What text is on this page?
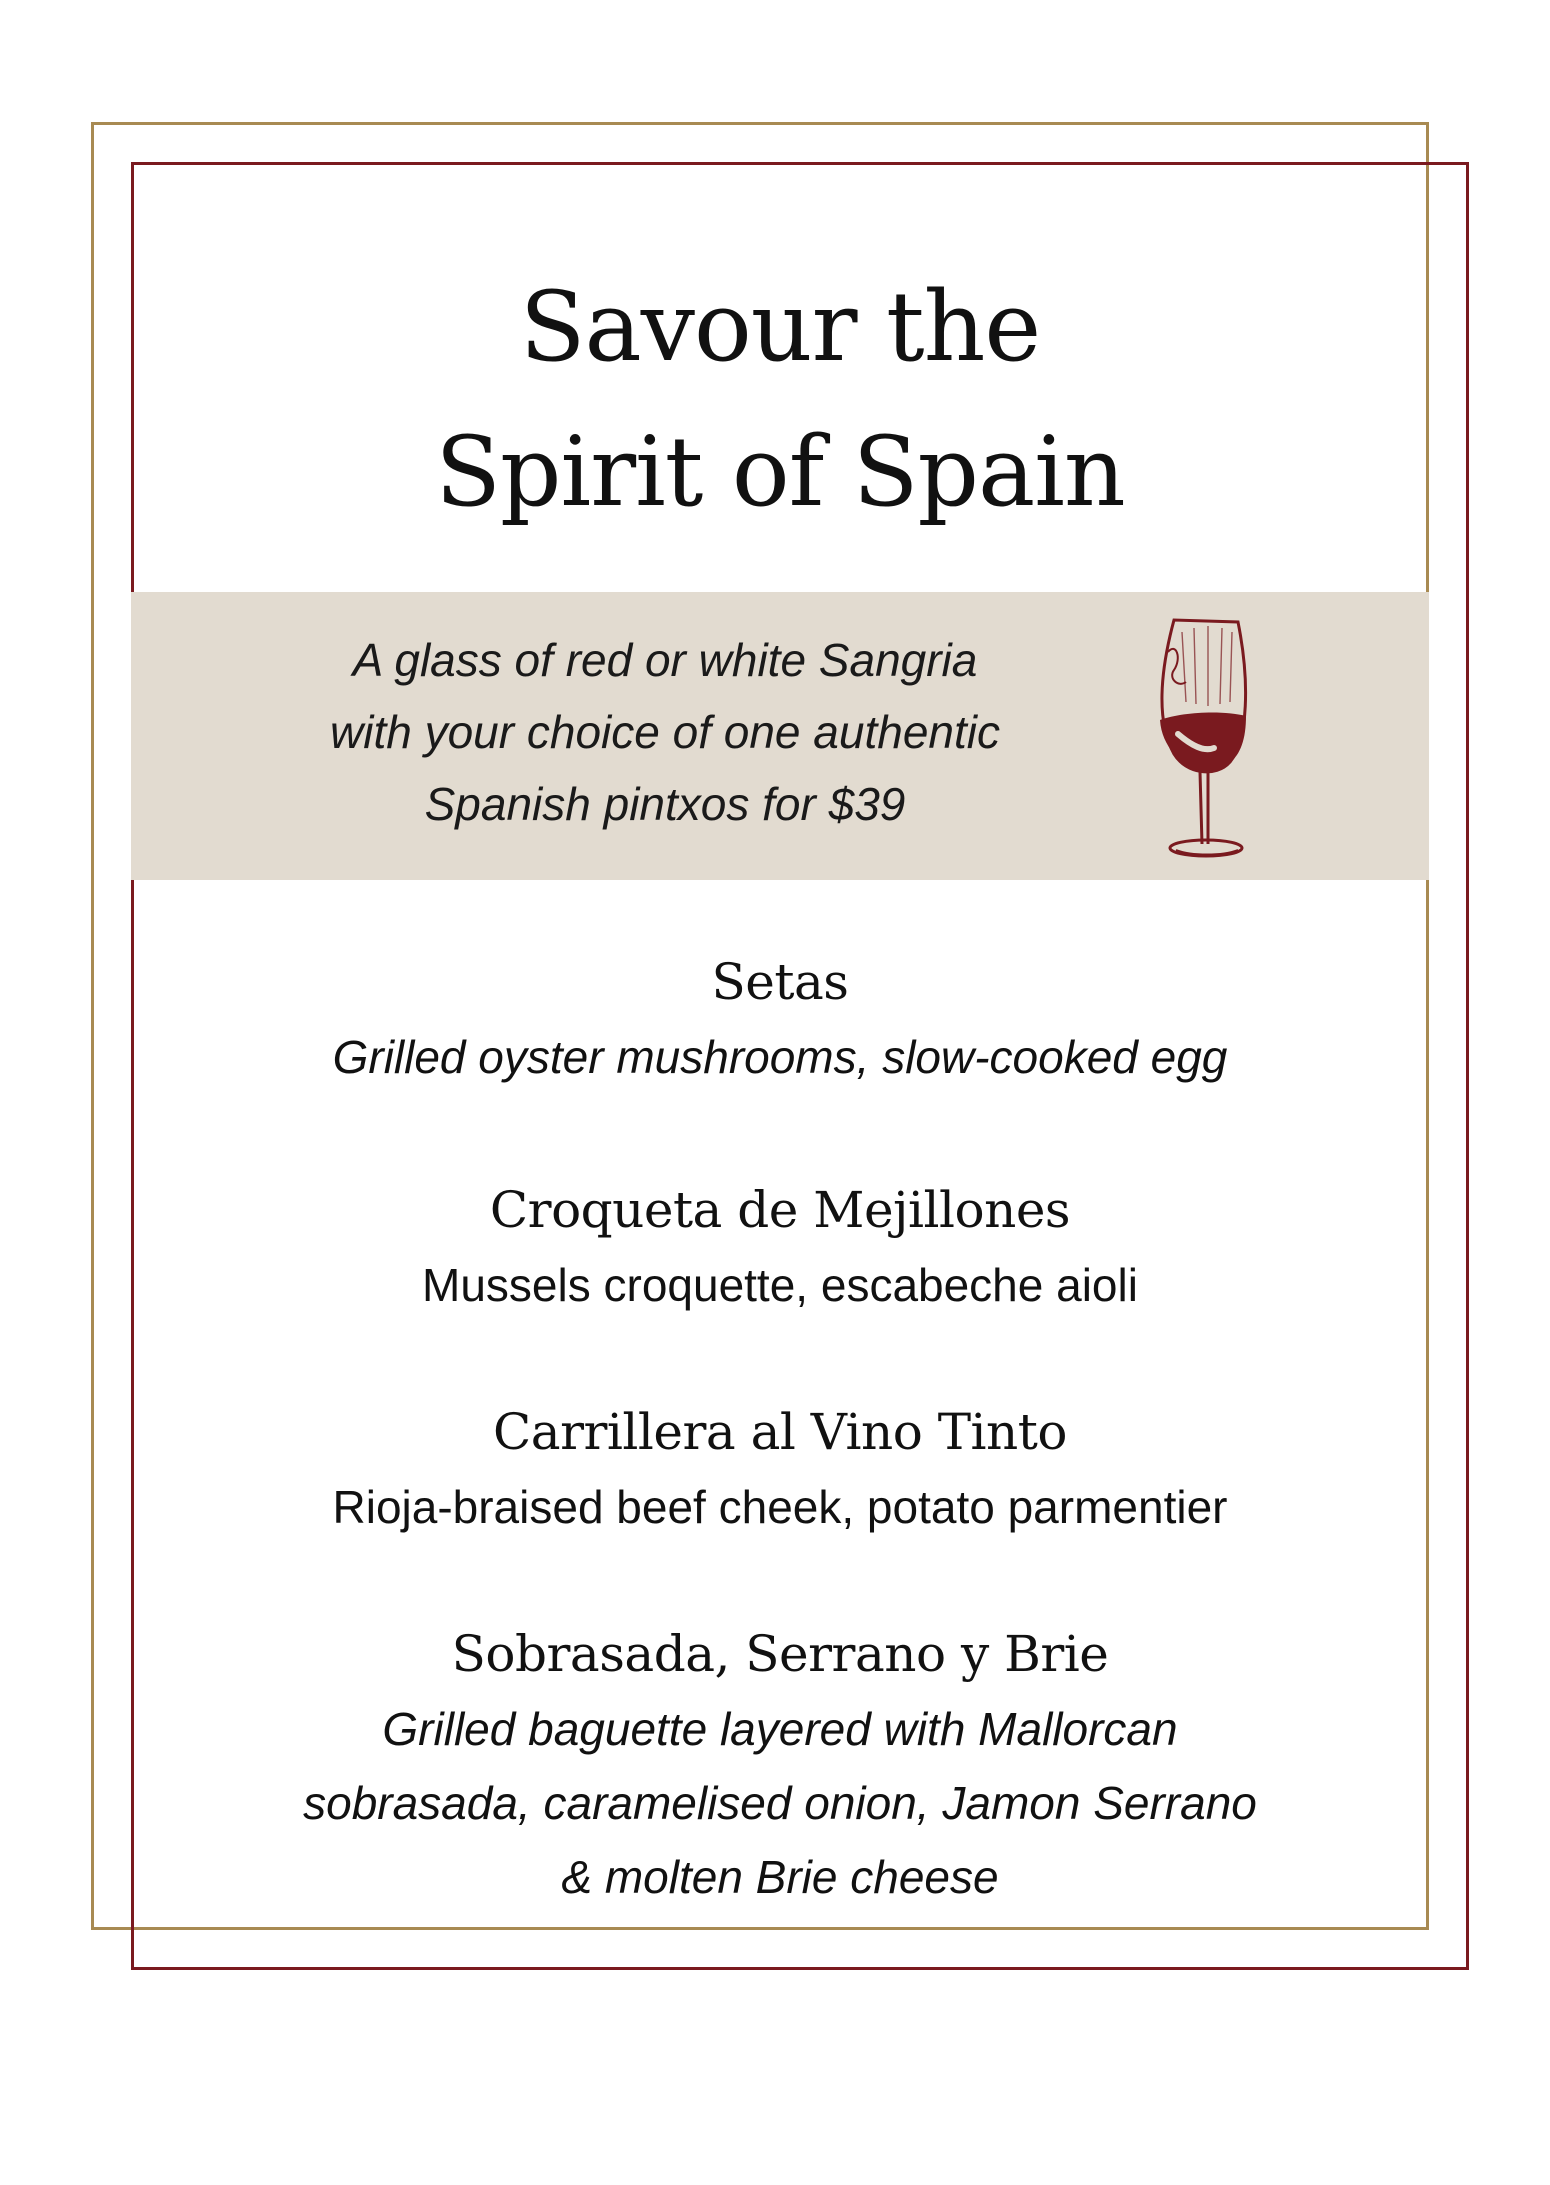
Savour the
Spirit of Spain
A glass of red or white Sangria
with your choice of one authentic
Spanish pintxos for $39
Setas
Grilled oyster mushrooms, slow-cooked egg
Croqueta de Mejillones
Mussels croquette, escabeche aioli
Carrillera al Vino Tinto
Rioja-braised beef cheek, potato parmentier
Sobrasada, Serrano y Brie
Grilled baguette layered with Mallorcan
sobrasada, caramelised onion, Jamon Serrano
& molten Brie cheese
